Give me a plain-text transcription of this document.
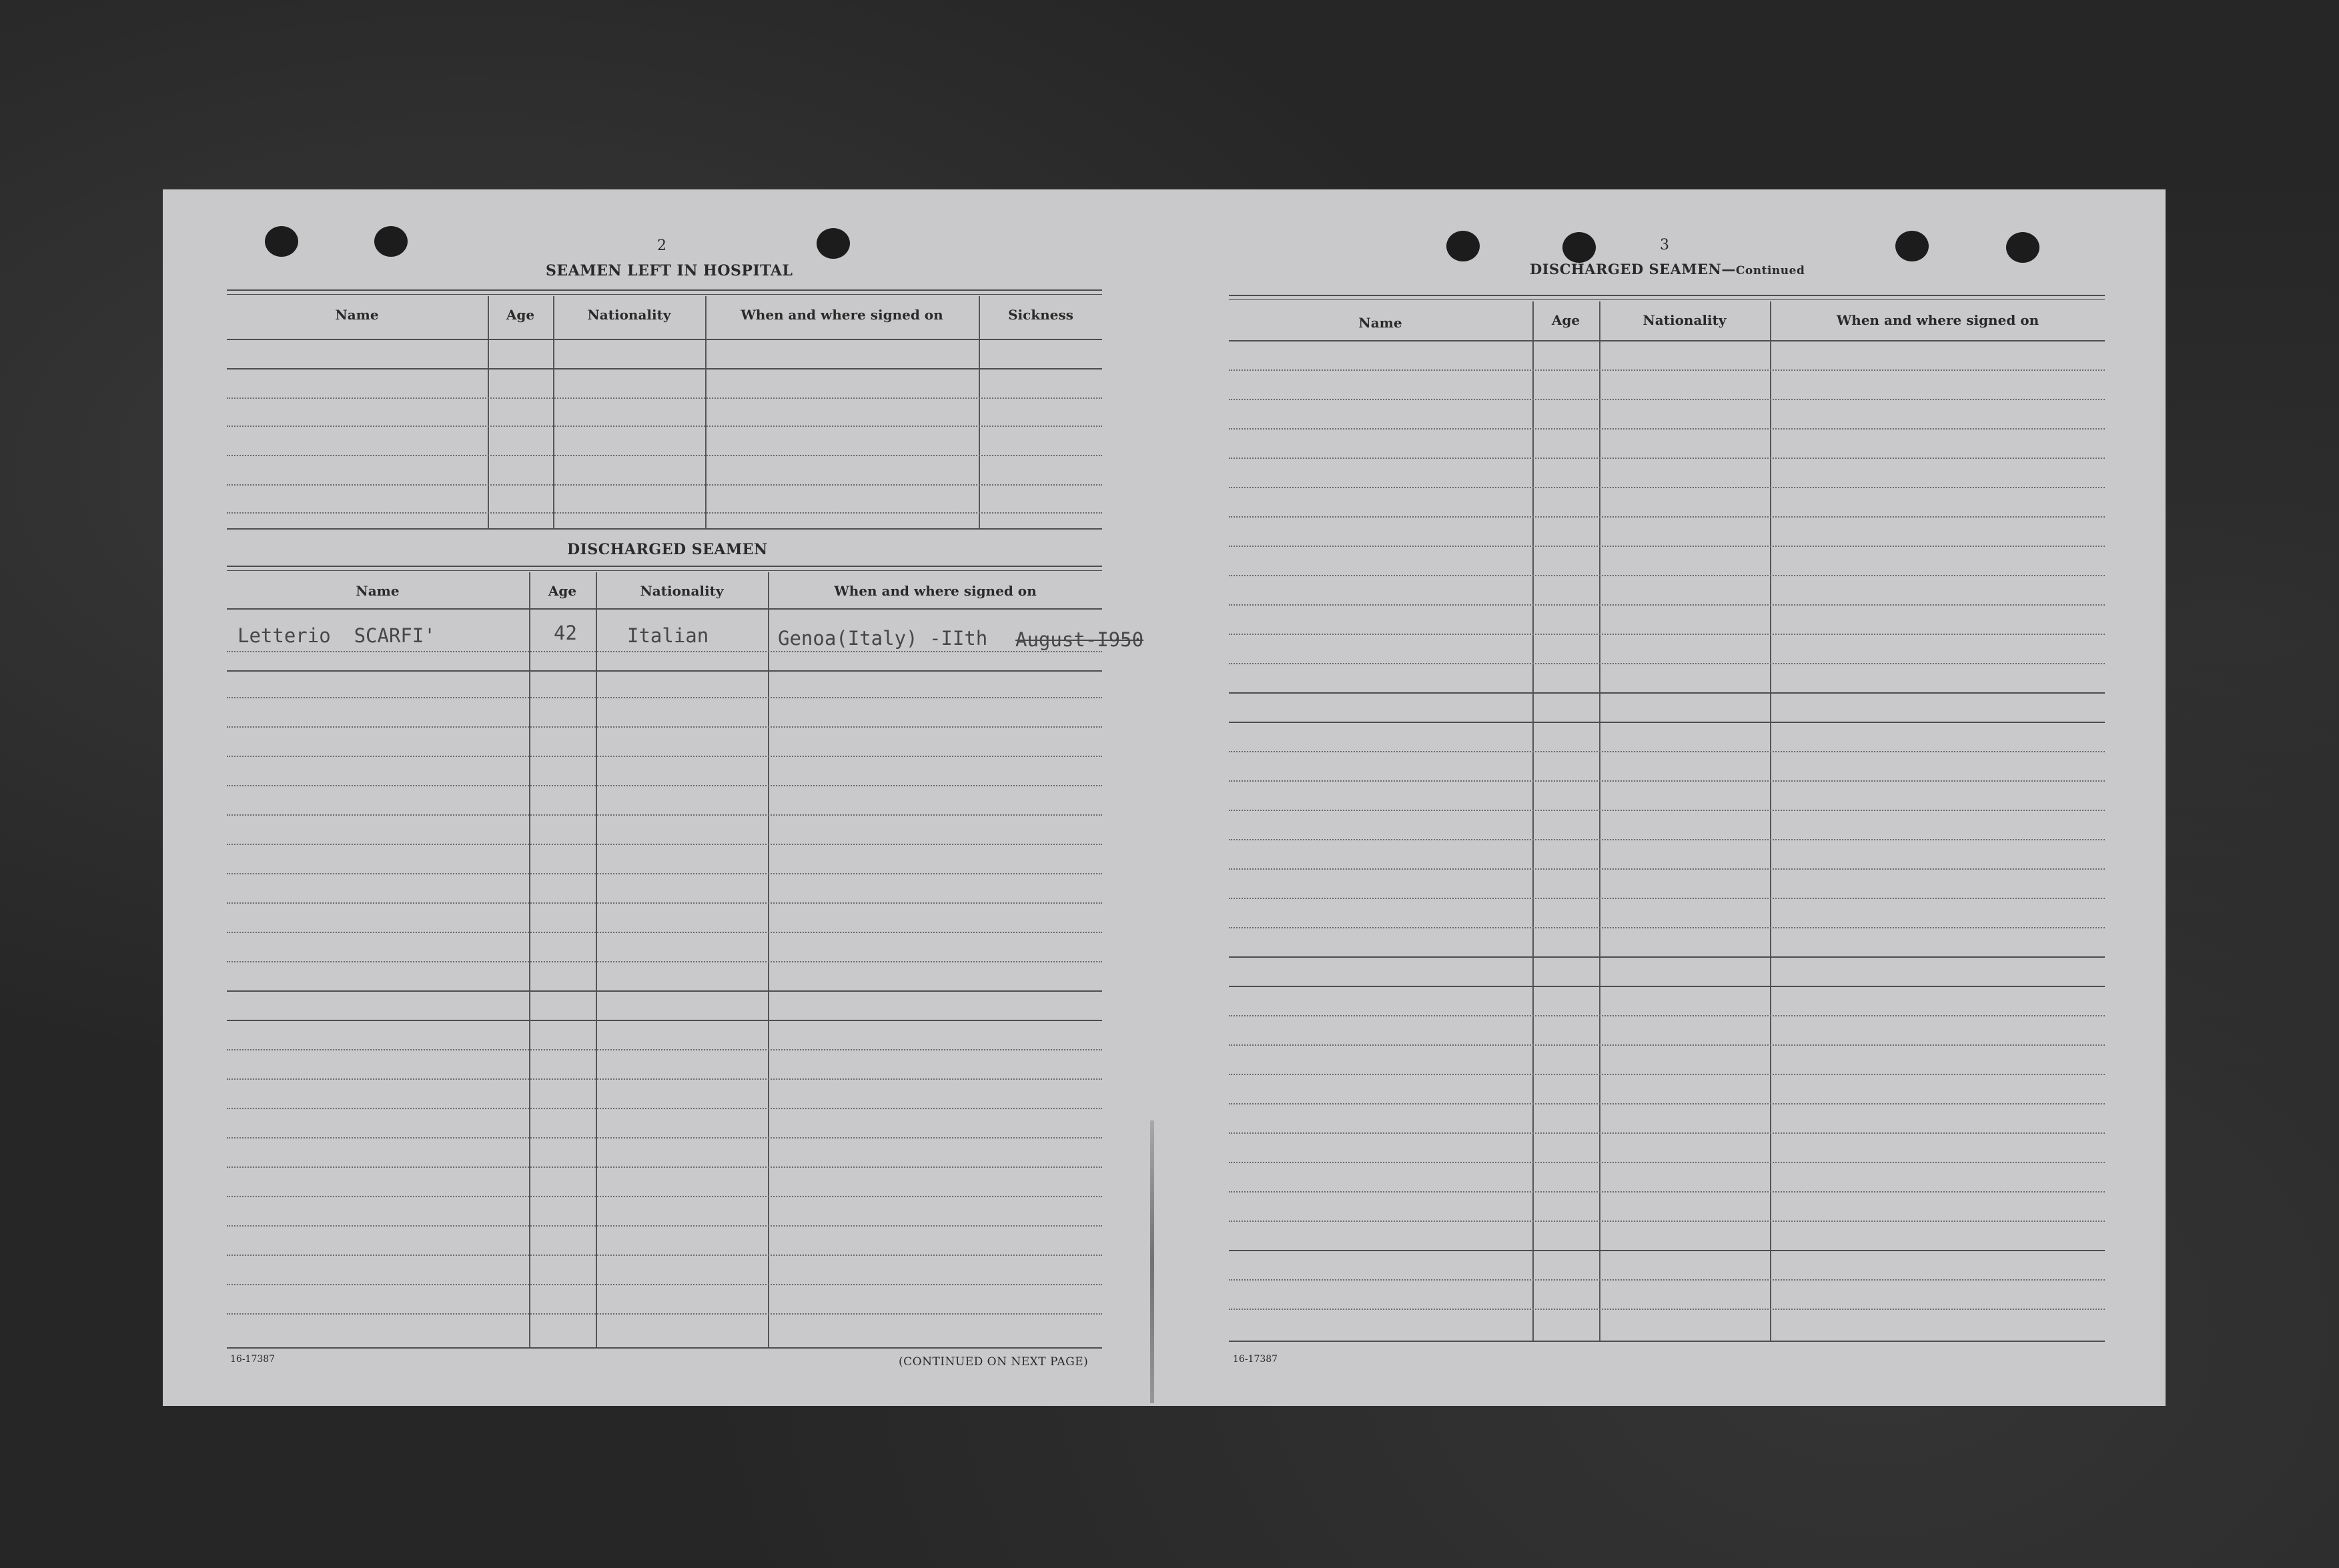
2
SEAMEN LEFT IN HOSPITAL
Name	Age	Nationality	When and where signed on	Sickness
DISCHARGED SEAMEN
Name	Age	Nationality	When and where signed on
Letterio  SCARFI'	42	Italian	Genoa(Italy) -IIth August-I950
16-17387	(CONTINUED ON NEXT PAGE)
3
DISCHARGED SEAMEN—Continued
Name	Age	Nationality	When and where signed on
16-17387
